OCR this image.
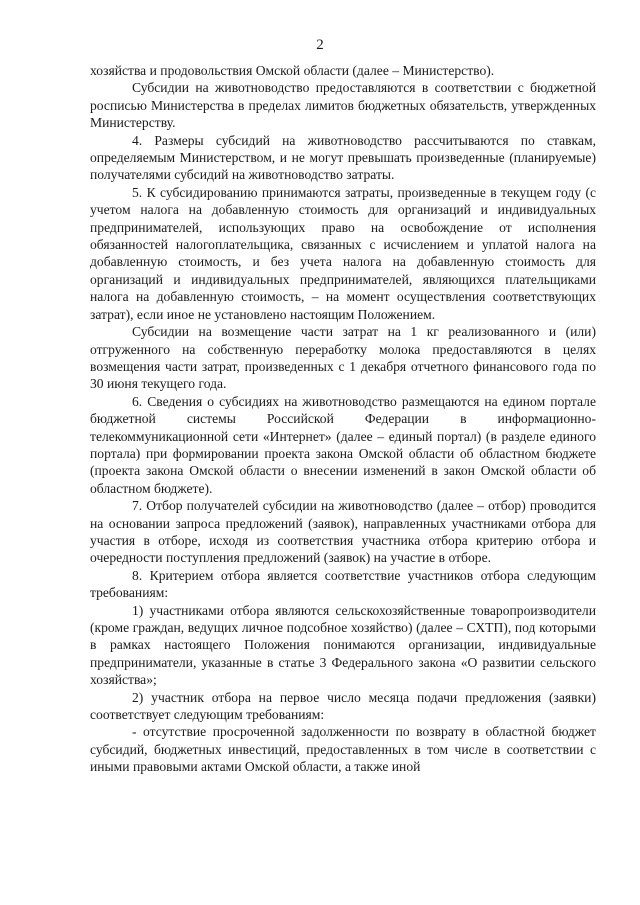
2

хозяйства и продовольствия Омской области (далее – Министерство).

Субсидии на животноводство предоставляются в соответствии с бюджетной росписью Министерства в пределах лимитов бюджетных обязательств, утвержденных Министерству.

4. Размеры субсидий на животноводство рассчитываются по ставкам, определяемым Министерством, и не могут превышать произведенные (планируемые) получателями субсидий на животноводство затраты.

5. К субсидированию принимаются затраты, произведенные в текущем году (с учетом налога на добавленную стоимость для организаций и индивидуальных предпринимателей, использующих право на освобождение от исполнения обязанностей налогоплательщика, связанных с исчислением и уплатой налога на добавленную стоимость, и без учета налога на добавленную стоимость для организаций и индивидуальных предпринимателей, являющихся плательщиками налога на добавленную стоимость, – на момент осуществления соответствующих затрат), если иное не установлено настоящим Положением.

Субсидии на возмещение части затрат на 1 кг реализованного и (или) отгруженного на собственную переработку молока предоставляются в целях возмещения части затрат, произведенных с 1 декабря отчетного финансового года по 30 июня текущего года.

6. Сведения о субсидиях на животноводство размещаются на едином портале бюджетной системы Российской Федерации в информационно-телекоммуникационной сети «Интернет» (далее – единый портал) (в разделе единого портала) при формировании проекта закона Омской области об областном бюджете (проекта закона Омской области о внесении изменений в закон Омской области об областном бюджете).

7. Отбор получателей субсидии на животноводство (далее – отбор) проводится на основании запроса предложений (заявок), направленных участниками отбора для участия в отборе, исходя из соответствия участника отбора критерию отбора и очередности поступления предложений (заявок) на участие в отборе.

8. Критерием отбора является соответствие участников отбора следующим требованиям:

1) участниками отбора являются сельскохозяйственные товаропроизводители (кроме граждан, ведущих личное подсобное хозяйство) (далее – СХТП), под которыми в рамках настоящего Положения понимаются организации, индивидуальные предприниматели, указанные в статье 3 Федерального закона «О развитии сельского хозяйства»;

2) участник отбора на первое число месяца подачи предложения (заявки) соответствует следующим требованиям:

- отсутствие просроченной задолженности по возврату в областной бюджет субсидий, бюджетных инвестиций, предоставленных в том числе в соответствии с иными правовыми актами Омской области, а также иной
